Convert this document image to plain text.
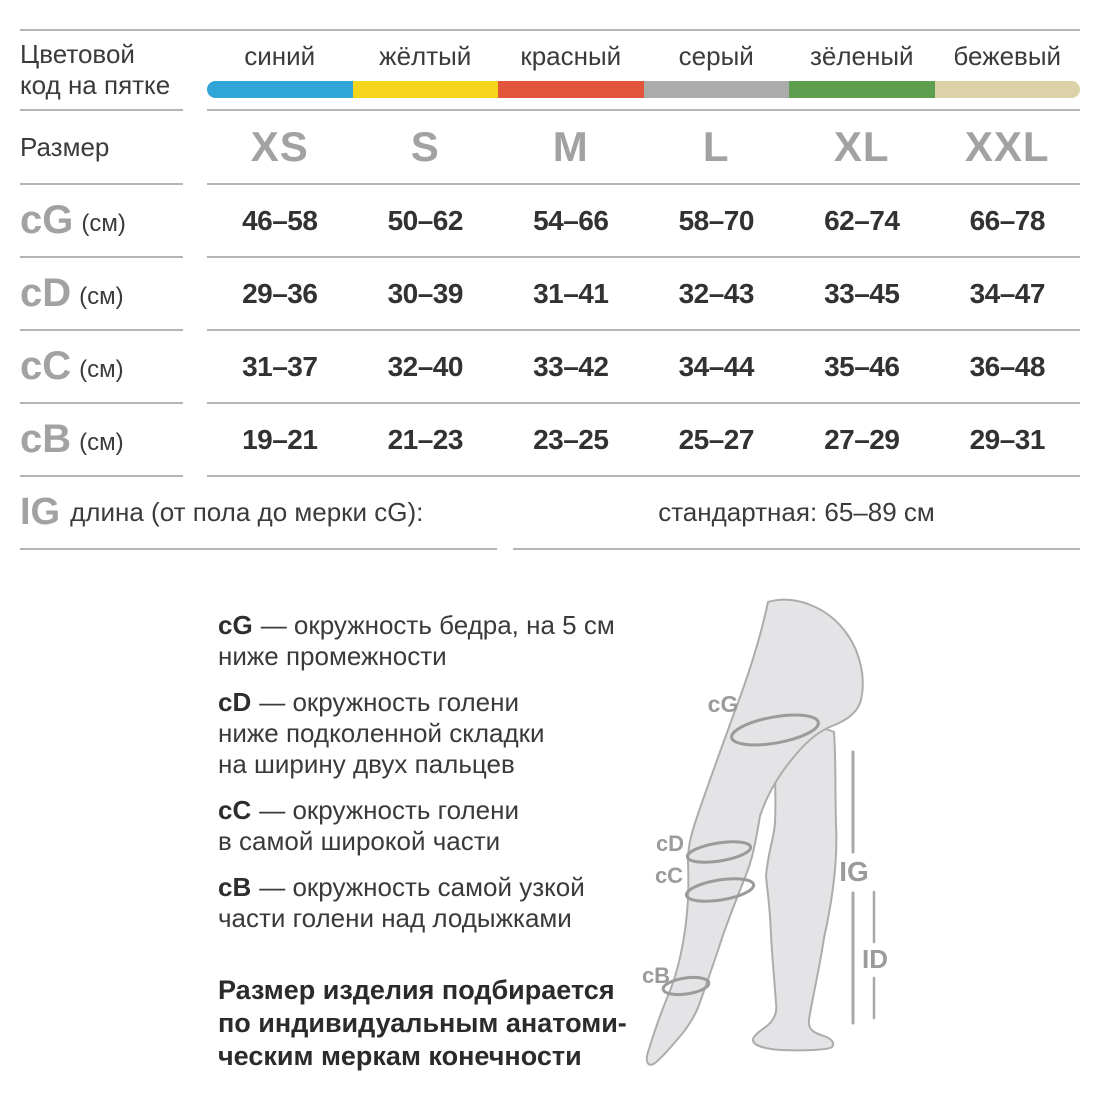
Цветовой
код на пятке
синий	жёлтый	красный	серый	зёленый	бежевый
Размер	XS	S	M	L	XL	XXL
cG (см)	46–58	50–62	54–66	58–70	62–74	66–78
cD (см)	29–36	30–39	31–41	32–43	33–45	34–47
cC (см)	31–37	32–40	33–42	34–44	35–46	36–48
cB (см)	19–21	21–23	23–25	25–27	27–29	29–31
IG длина (от пола до мерки cG):	стандартная: 65–89 см
cG — окружность бедра, на 5 см
ниже промежности
cD — окружность голени
ниже подколенной складки
на ширину двух пальцев
cC — окружность голени
в самой широкой части
cB — окружность самой узкой
части голени над лодыжками
Размер изделия подбирается
по индивидуальным анатоми-
ческим меркам конечности
cG
cD
cC
cB
IG
ID
